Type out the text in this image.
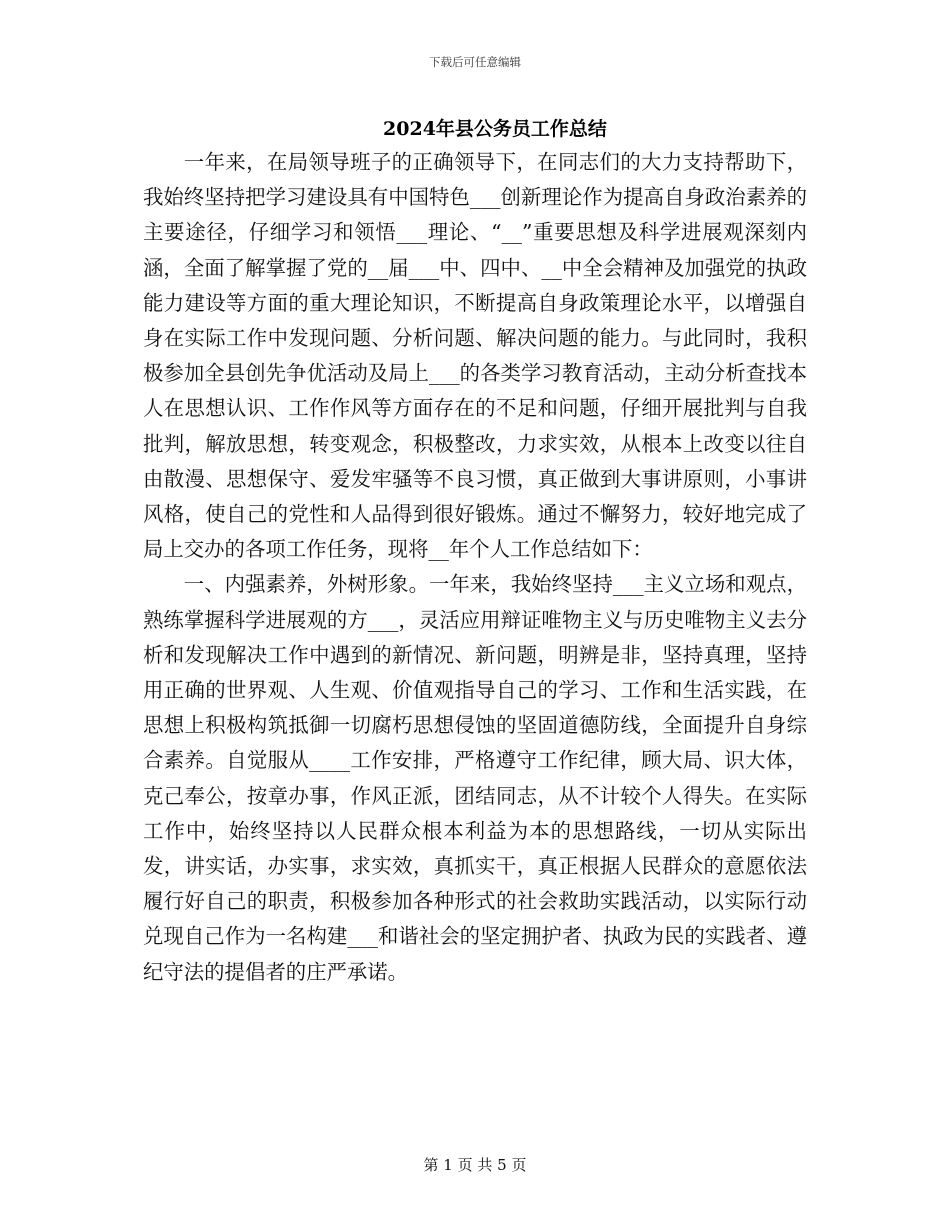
下载后可任意编辑
2024年县公务员工作总结

一年来，在局领导班子的正确领导下，在同志们的大力支持帮助下，我始终坚持把学习建设具有中国特色___创新理论作为提高自身政治素养的主要途径，仔细学习和领悟___理论、“__”重要思想及科学进展观深刻内涵，全面了解掌握了党的__届___中、四中、__中全会精神及加强党的执政能力建设等方面的重大理论知识，不断提高自身政策理论水平，以增强自身在实际工作中发现问题、分析问题、解决问题的能力。与此同时，我积极参加全县创先争优活动及局上___的各类学习教育活动，主动分析查找本人在思想认识、工作作风等方面存在的不足和问题，仔细开展批判与自我批判，解放思想，转变观念，积极整改，力求实效，从根本上改变以往自由散漫、思想保守、爱发牢骚等不良习惯，真正做到大事讲原则，小事讲风格，使自己的党性和人品得到很好锻炼。通过不懈努力，较好地完成了局上交办的各项工作任务，现将__年个人工作总结如下：

一、内强素养，外树形象。一年来，我始终坚持___主义立场和观点，熟练掌握科学进展观的方___，灵活应用辩证唯物主义与历史唯物主义去分析和发现解决工作中遇到的新情况、新问题，明辨是非，坚持真理，坚持用正确的世界观、人生观、价值观指导自己的学习、工作和生活实践，在思想上积极构筑抵御一切腐朽思想侵蚀的坚固道德防线，全面提升自身综合素养。自觉服从____工作安排，严格遵守工作纪律，顾大局、识大体，克己奉公，按章办事，作风正派，团结同志，从不计较个人得失。在实际工作中，始终坚持以人民群众根本利益为本的思想路线，一切从实际出发，讲实话，办实事，求实效，真抓实干，真正根据人民群众的意愿依法履行好自己的职责，积极参加各种形式的社会救助实践活动，以实际行动兑现自己作为一名构建___和谐社会的坚定拥护者、执政为民的实践者、遵纪守法的提倡者的庄严承诺。

第 1 页 共 5 页
